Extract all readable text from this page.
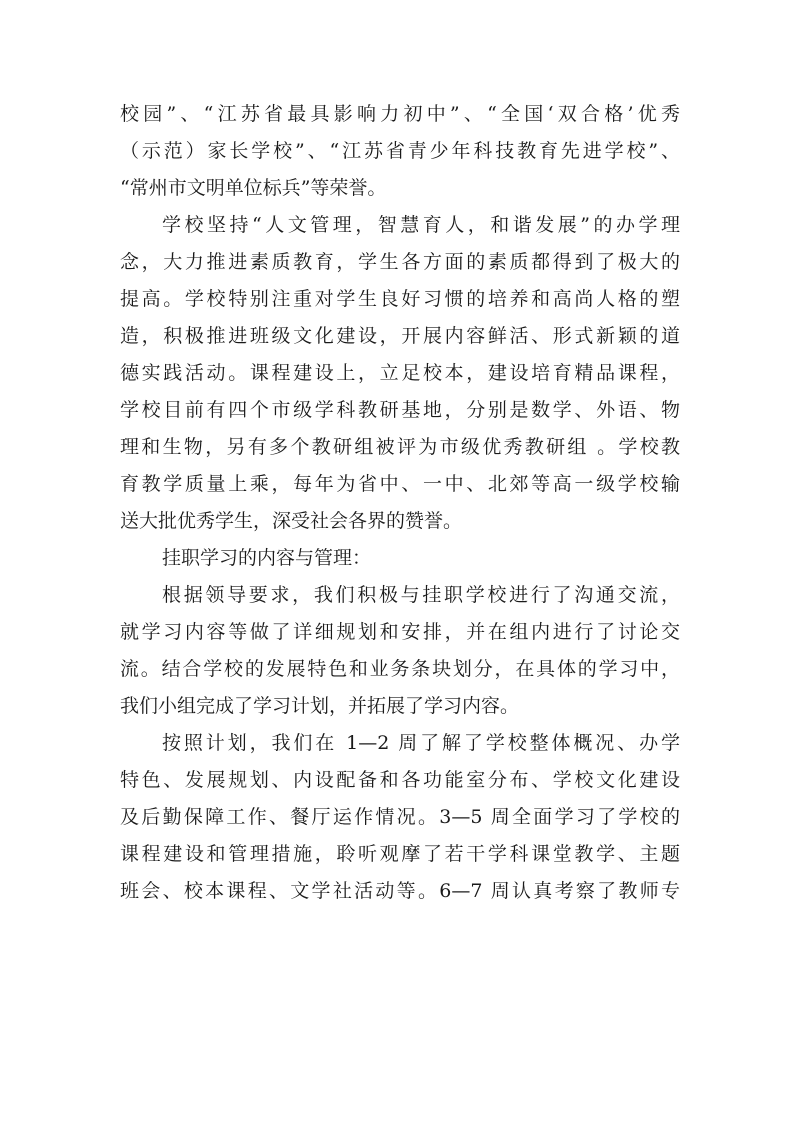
校园”、“江苏省最具影响力初中”、“全国‘双合格’优秀
（示范）家长学校”、“江苏省青少年科技教育先进学校”、
“常州市文明单位标兵”等荣誉。
学校坚持“人文管理，智慧育人，和谐发展”的办学理
念，大力推进素质教育，学生各方面的素质都得到了极大的
提高。学校特别注重对学生良好习惯的培养和高尚人格的塑
造，积极推进班级文化建设，开展内容鲜活、形式新颖的道
德实践活动。课程建设上，立足校本，建设培育精品课程，
学校目前有四个市级学科教研基地，分别是数学、外语、物
理和生物，另有多个教研组被评为市级优秀教研组 。学校教
育教学质量上乘，每年为省中、一中、北郊等高一级学校输
送大批优秀学生，深受社会各界的赞誉。
挂职学习的内容与管理：
根据领导要求，我们积极与挂职学校进行了沟通交流，
就学习内容等做了详细规划和安排，并在组内进行了讨论交
流。结合学校的发展特色和业务条块划分，在具体的学习中，
我们小组完成了学习计划，并拓展了学习内容。
按照计划，我们在 1—2 周了解了学校整体概况、办学
特色、发展规划、内设配备和各功能室分布、学校文化建设
及后勤保障工作、餐厅运作情况。3—5 周全面学习了学校的
课程建设和管理措施，聆听观摩了若干学科课堂教学、主题
班会、校本课程、文学社活动等。6—7 周认真考察了教师专
